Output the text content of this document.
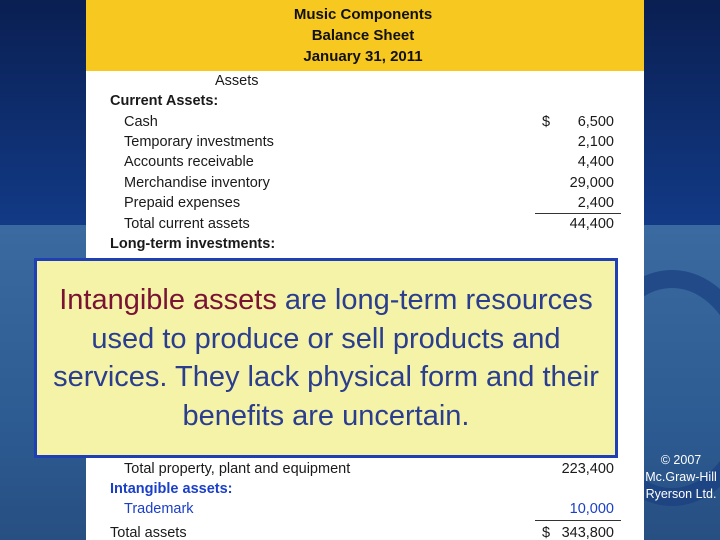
Music Components
Balance Sheet
January 31, 2011
Assets
Current Assets:
Cash	$ 6,500
Temporary investments	2,100
Accounts receivable	4,400
Merchandise inventory	29,000
Prepaid expenses	2,400
Total current assets	44,400
Long-term investments:
Total property, plant and equipment	223,400
Intangible assets:
Trademark	10,000
Total assets	$ 343,800

Intangible assets are long-term resources used to produce or sell products and services. They lack physical form and their benefits are uncertain.

© 2007 Mc.Graw-Hill Ryerson Ltd.
